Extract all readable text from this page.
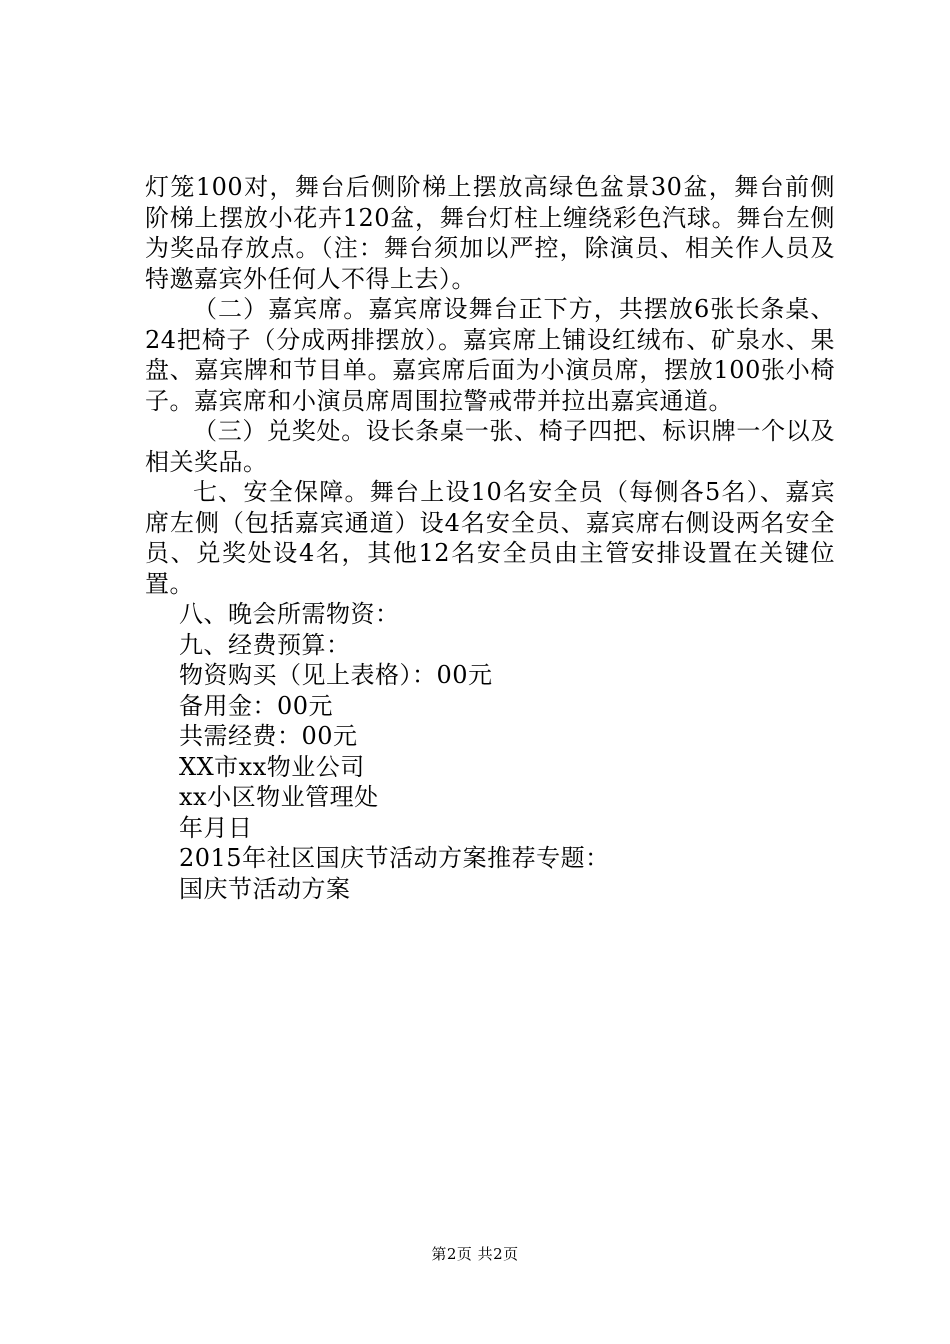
灯笼100对，舞台后侧阶梯上摆放高绿色盆景30盆，舞台前侧阶梯上摆放小花卉120盆，舞台灯柱上缠绕彩色汽球。舞台左侧为奖品存放点。（注：舞台须加以严控，除演员、相关作人员及特邀嘉宾外任何人不得上去）。

（二）嘉宾席。嘉宾席设舞台正下方，共摆放6张长条桌、24把椅子（分成两排摆放）。嘉宾席上铺设红绒布、矿泉水、果盘、嘉宾牌和节目单。嘉宾席后面为小演员席，摆放100张小椅子。嘉宾席和小演员席周围拉警戒带并拉出嘉宾通道。

（三）兑奖处。设长条桌一张、椅子四把、标识牌一个以及相关奖品。

七、安全保障。舞台上设10名安全员（每侧各5名）、嘉宾席左侧（包括嘉宾通道）设4名安全员、嘉宾席右侧设两名安全员、兑奖处设4名，其他12名安全员由主管安排设置在关键位置。

八、晚会所需物资：

九、经费预算：

物资购买（见上表格）：00元

备用金：00元

共需经费：00元

XX市xx物业公司

xx小区物业管理处

年月日

2015年社区国庆节活动方案推荐专题：

国庆节活动方案

第2页 共2页
